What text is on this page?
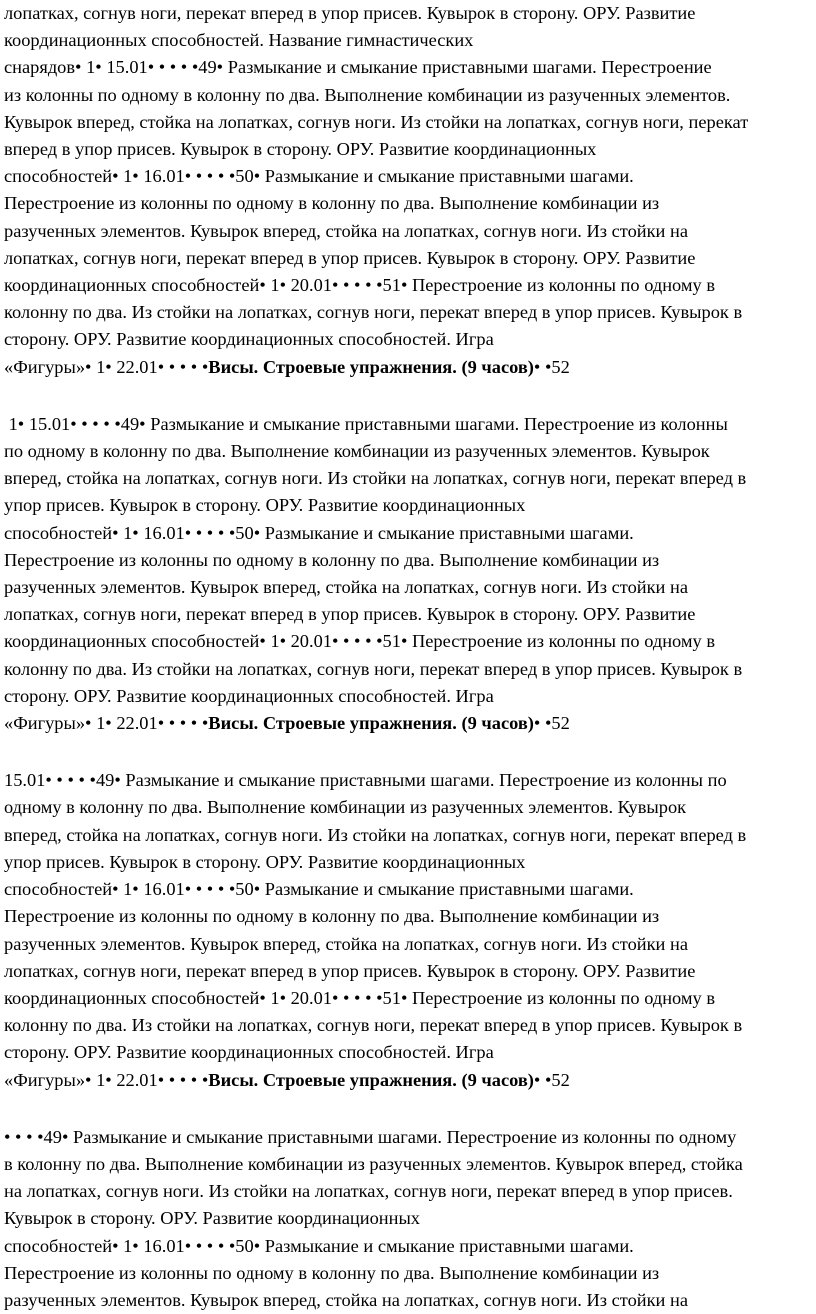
лопатках, согнув ноги, перекат вперед в упор присев. Кувырок в сторону. ОРУ. Развитие
координационных способностей. Название гимнастических
снарядов• 1• 15.01• • • • •49• Размыкание и смыкание приставными шагами. Перестроение
из колонны по одному в колонну по два. Выполнение комбинации из разученных элементов.
Кувырок вперед, стойка на лопатках, согнув ноги. Из стойки на лопатках, согнув ноги, перекат
вперед в упор присев. Кувырок в сторону. ОРУ. Развитие координационных
способностей• 1• 16.01• • • • •50• Размыкание и смыкание приставными шагами.
Перестроение из колонны по одному в колонну по два. Выполнение комбинации из
разученных элементов. Кувырок вперед, стойка на лопатках, согнув ноги. Из стойки на
лопатках, согнув ноги, перекат вперед в упор присев. Кувырок в сторону. ОРУ. Развитие
координационных способностей• 1• 20.01• • • • •51• Перестроение из колонны по одному в
колонну по два. Из стойки на лопатках, согнув ноги, перекат вперед в упор присев. Кувырок в
сторону. ОРУ. Развитие координационных способностей. Игра
«Фигуры»• 1• 22.01• • • • •Висы. Строевые упражнения. (9 часов)• •52

1• 15.01• • • • •49• Размыкание и смыкание приставными шагами. Перестроение из колонны
по одному в колонну по два. Выполнение комбинации из разученных элементов. Кувырок
вперед, стойка на лопатках, согнув ноги. Из стойки на лопатках, согнув ноги, перекат вперед в
упор присев. Кувырок в сторону. ОРУ. Развитие координационных
способностей• 1• 16.01• • • • •50• Размыкание и смыкание приставными шагами.
Перестроение из колонны по одному в колонну по два. Выполнение комбинации из
разученных элементов. Кувырок вперед, стойка на лопатках, согнув ноги. Из стойки на
лопатках, согнув ноги, перекат вперед в упор присев. Кувырок в сторону. ОРУ. Развитие
координационных способностей• 1• 20.01• • • • •51• Перестроение из колонны по одному в
колонну по два. Из стойки на лопатках, согнув ноги, перекат вперед в упор присев. Кувырок в
сторону. ОРУ. Развитие координационных способностей. Игра
«Фигуры»• 1• 22.01• • • • •Висы. Строевые упражнения. (9 часов)• •52

15.01• • • • •49• Размыкание и смыкание приставными шагами. Перестроение из колонны по
одному в колонну по два. Выполнение комбинации из разученных элементов. Кувырок
вперед, стойка на лопатках, согнув ноги. Из стойки на лопатках, согнув ноги, перекат вперед в
упор присев. Кувырок в сторону. ОРУ. Развитие координационных
способностей• 1• 16.01• • • • •50• Размыкание и смыкание приставными шагами.
Перестроение из колонны по одному в колонну по два. Выполнение комбинации из
разученных элементов. Кувырок вперед, стойка на лопатках, согнув ноги. Из стойки на
лопатках, согнув ноги, перекат вперед в упор присев. Кувырок в сторону. ОРУ. Развитие
координационных способностей• 1• 20.01• • • • •51• Перестроение из колонны по одному в
колонну по два. Из стойки на лопатках, согнув ноги, перекат вперед в упор присев. Кувырок в
сторону. ОРУ. Развитие координационных способностей. Игра
«Фигуры»• 1• 22.01• • • • •Висы. Строевые упражнения. (9 часов)• •52

• • • •49• Размыкание и смыкание приставными шагами. Перестроение из колонны по одному
в колонну по два. Выполнение комбинации из разученных элементов. Кувырок вперед, стойка
на лопатках, согнув ноги. Из стойки на лопатках, согнув ноги, перекат вперед в упор присев.
Кувырок в сторону. ОРУ. Развитие координационных
способностей• 1• 16.01• • • • •50• Размыкание и смыкание приставными шагами.
Перестроение из колонны по одному в колонну по два. Выполнение комбинации из
разученных элементов. Кувырок вперед, стойка на лопатках, согнув ноги. Из стойки на
